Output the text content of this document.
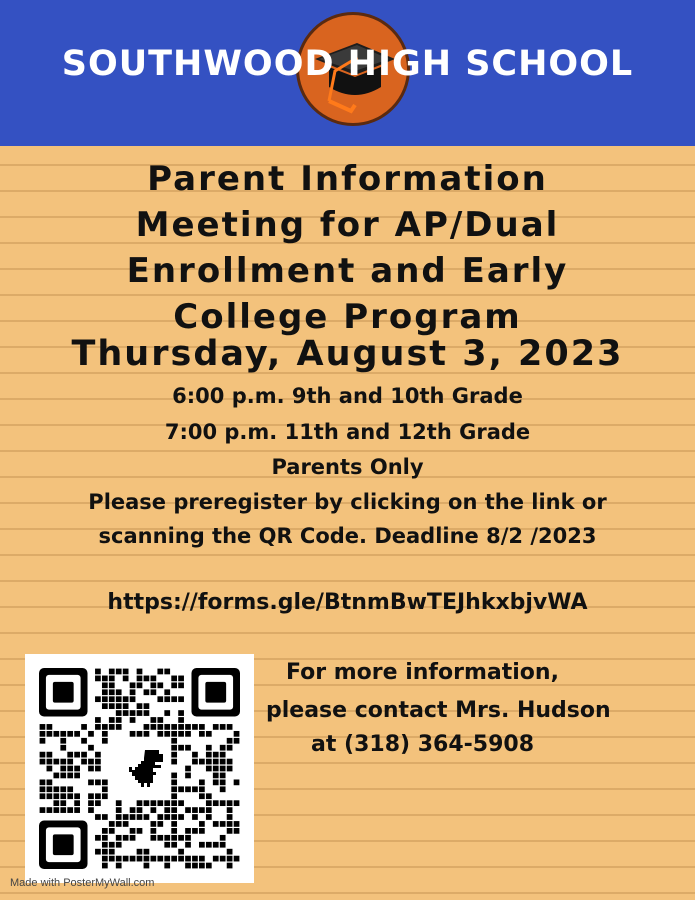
SOUTHWOOD HIGH SCHOOL
Parent Information
Meeting for AP/Dual
Enrollment and Early
College Program
Thursday, August 3, 2023
6:00 p.m. 9th and 10th Grade
7:00 p.m. 11th and 12th Grade
Parents Only
Please preregister by clicking on the link or
scanning the QR Code. Deadline 8/2 /2023
https://forms.gle/BtnmBwTEJhkxbjvWA
For more information,
please contact Mrs. Hudson
at (318) 364-5908
Made with PosterMyWall.com
